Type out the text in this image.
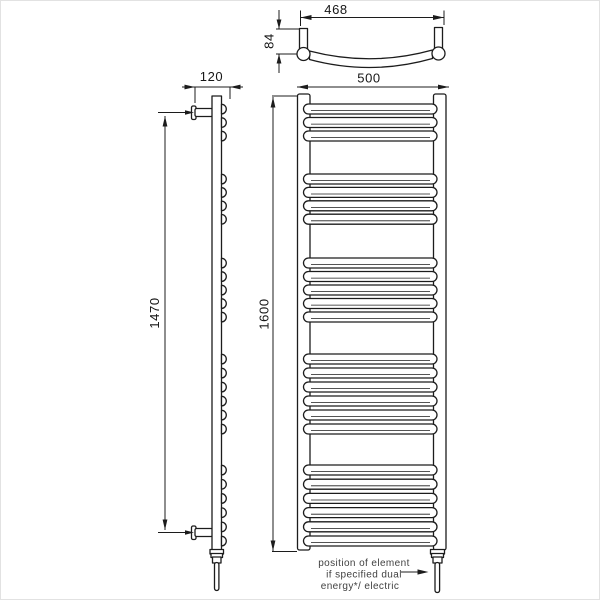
468
84
120
1470
500
1600
position of element
if specified dual
energy*/ electric
